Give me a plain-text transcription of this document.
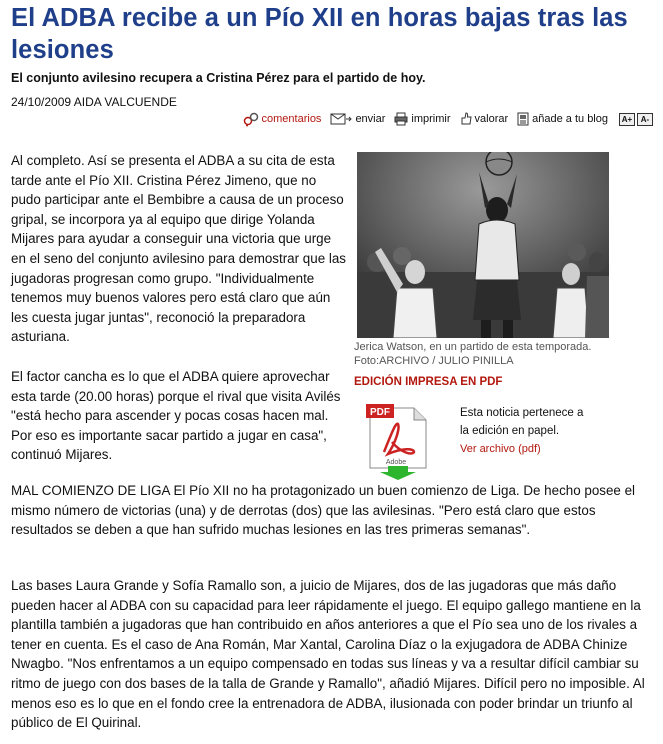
El ADBA recibe a un Pío XII en horas bajas tras las lesiones

El conjunto avilesino recupera a Cristina Pérez para el partido de hoy.

24/10/2009 AIDA VALCUENDE
comentarios	enviar imprimir valorar añade a tu blog	A+	A-

Al completo. Así se presenta el ADBA a su cita de esta tarde ante el Pío XII. Cristina Pérez Jimeno, que no pudo participar ante el Bembibre a causa de un proceso gripal, se incorpora ya al equipo que dirige Yolanda Mijares para ayudar a conseguir una victoria que urge en el seno del conjunto avilesino para demostrar que las jugadoras progresan como grupo. "Individualmente tenemos muy buenos valores pero está claro que aún les cuesta jugar juntas", reconoció la preparadora asturiana.

El factor cancha es lo que el ADBA quiere aprovechar esta tarde (20.00 horas) porque el rival que visita Avilés "está hecho para ascender y pocas cosas hacen mal. Por eso es importante sacar partido a jugar en casa", continuó Mijares.

MAL COMIENZO DE LIGA El Pío XII no ha protagonizado un buen comienzo de Liga. De hecho posee el mismo número de victorias (una) y de derrotas (dos) que las avilesinas. "Pero está claro que estos resultados se deben a que han sufrido muchas lesiones en las tres primeras semanas".

Las bases Laura Grande y Sofía Ramallo son, a juicio de Mijares, dos de las jugadoras que más daño pueden hacer al ADBA con su capacidad para leer rápidamente el juego. El equipo gallego mantiene en la plantilla también a jugadoras que han contribuido en años anteriores a que el Pío sea uno de los rivales a tener en cuenta. Es el caso de Ana Román, Mar Xantal, Carolina Díaz o la exjugadora de ADBA Chinize Nwagbo. "Nos enfrentamos a un equipo compensado en todas sus líneas y va a resultar difícil cambiar su ritmo de juego con dos bases de la talla de Grande y Ramallo", añadió Mijares. Difícil pero no imposible. Al menos eso es lo que en el fondo cree la entrenadora de ADBA, ilusionada con poder brindar un triunfo al público de El Quirinal.

Jerica Watson, en un partido de esta temporada.
Foto:ARCHIVO / JULIO PINILLA
EDICIÓN IMPRESA EN PDF
PDF
Adobe
Esta noticia pertenece a
la edición en papel.
Ver archivo (pdf)
